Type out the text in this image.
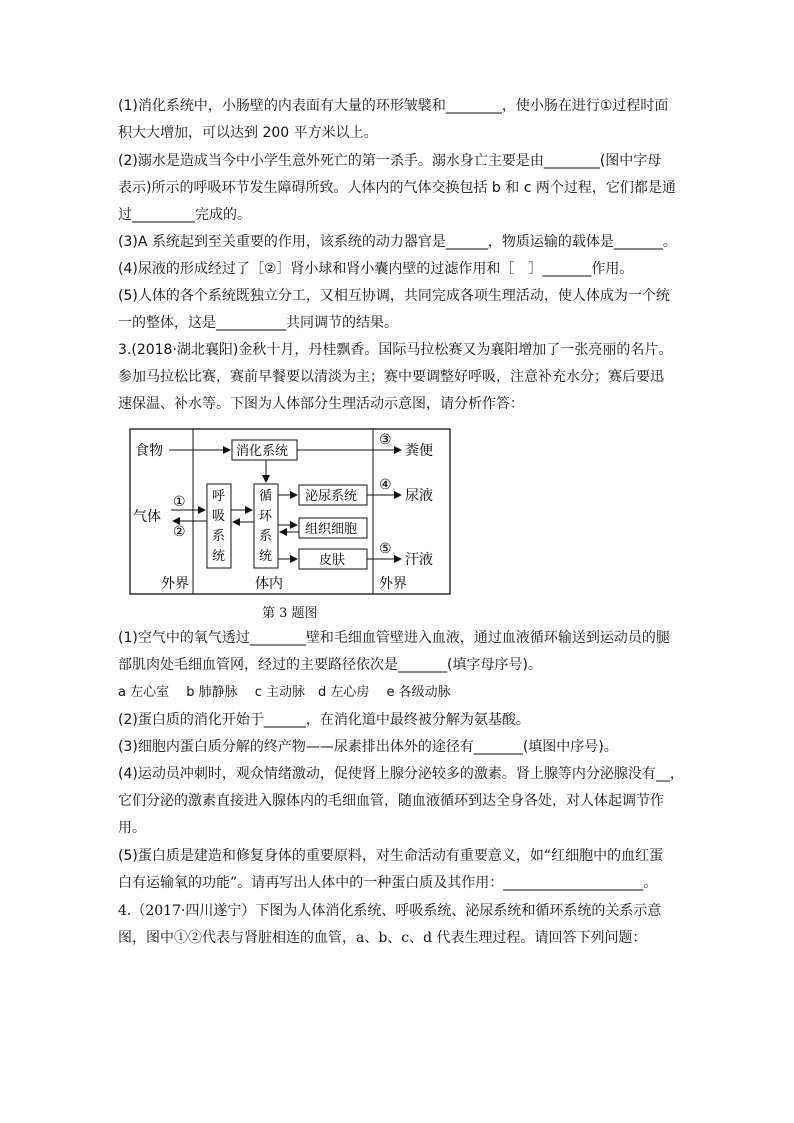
(1)消化系统中，小肠壁的内表面有大量的环形皱襞和________，使小肠在进行①过程时面
积大大增加，可以达到 200 平方米以上。
(2)溺水是造成当今中小学生意外死亡的第一杀手。溺水身亡主要是由________(图中字母
表示)所示的呼吸环节发生障碍所致。人体内的气体交换包括 b 和 c 两个过程，它们都是通
过_________完成的。
(3)A 系统起到至关重要的作用，该系统的动力器官是______，物质运输的载体是_______。
(4)尿液的形成经过了［②］肾小球和肾小囊内壁的过滤作用和［　］_______作用。
(5)人体的各个系统既独立分工，又相互协调，共同完成各项生理活动，使人体成为一个统
一的整体，这是__________共同调节的结果。
3.(2018·湖北襄阳)金秋十月，丹桂飘香。国际马拉松赛又为襄阳增加了一张亮丽的名片。
参加马拉松比赛，赛前早餐要以清淡为主；赛中要调整好呼吸，注意补充水分；赛后要迅
速保温、补水等。下图为人体部分生理活动示意图，请分析作答：
食物
气体
消化系统
呼
吸
系
统
循
环
系
统
泌尿系统
组织细胞
皮肤
粪便
尿液
汗液
①
②
③
④
⑤
外界	体内	外界
第 3 题图
(1)空气中的氧气透过________壁和毛细血管壁进入血液，通过血液循环输送到运动员的腿
部肌肉处毛细血管网，经过的主要路径依次是_______(填字母序号)。
a 左心室　 b 肺静脉　 c 主动脉　d 左心房　 e 各级动脉
(2)蛋白质的消化开始于______，在消化道中最终被分解为氨基酸。
(3)细胞内蛋白质分解的终产物——尿素排出体外的途径有_______(填图中序号)。
(4)运动员冲刺时，观众情绪激动，促使肾上腺分泌较多的激素。肾上腺等内分泌腺没有__，
它们分泌的激素直接进入腺体内的毛细血管，随血液循环到达全身各处，对人体起调节作
用。
(5)蛋白质是建造和修复身体的重要原料，对生命活动有重要意义，如“红细胞中的血红蛋
白有运输氧的功能”。请再写出人体中的一种蛋白质及其作用：____________________。
4.（2017·四川遂宁）下图为人体消化系统、呼吸系统、泌尿系统和循环系统的关系示意
图，图中①②代表与肾脏相连的血管，a、b、c、d 代表生理过程。请回答下列问题：
